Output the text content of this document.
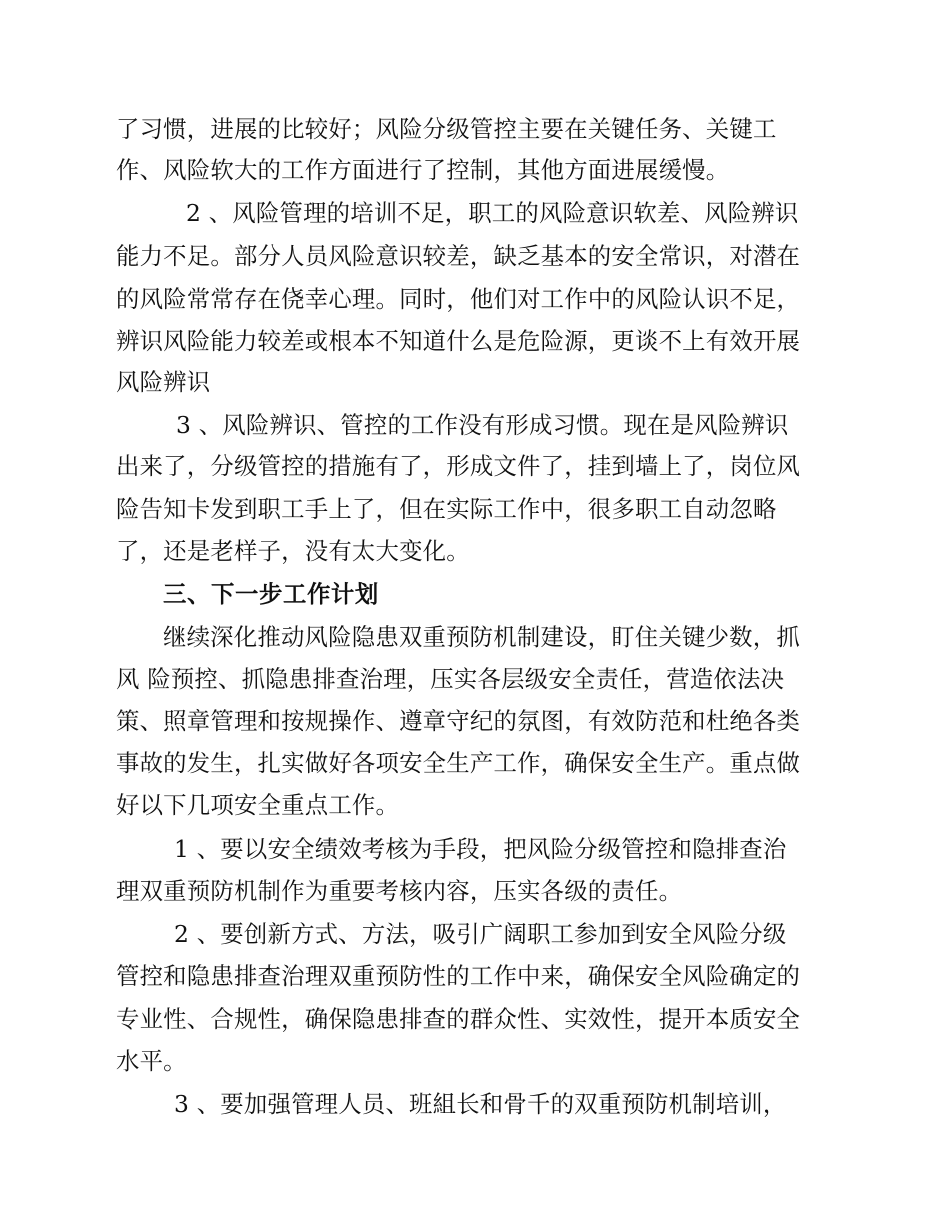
了习惯，进展的比较好；风险分级管控主要在关键任务、关键工
作、风险软大的工作方面进行了控制，其他方面进展缓慢。
2 、风险管理的培训不足，职工的风险意识软差、风险辨识
能力不足。部分人员风险意识较差，缺乏基本的安全常识，对潜在
的风险常常存在侥幸心理。同时，他们对工作中的风险认识不足，
辨识风险能力较差或根本不知道什么是危险源，更谈不上有效开展
风险辨识
3 、风险辨识、管控的工作没有形成习惯。现在是风险辨识
出来了，分级管控的措施有了，形成文件了，挂到墙上了，岗位风
险告知卡发到职工手上了，但在实际工作中，很多职工自动忽略
了，还是老样子，没有太大变化。
三、下一步工作计划
继续深化推动风险隐患双重预防机制建设，盯住关键少数，抓
风 险预控、抓隐患排查治理，压实各层级安全责任，营造依法决
策、照章管理和按规操作、遵章守纪的氛图，有效防范和杜绝各类
事故的发生，扎实做好各项安全生产工作，确保安全生产。重点做
好以下几项安全重点工作。
1 、要以安全绩效考核为手段，把风险分级管控和隐排查治
理双重预防机制作为重要考核内容，压实各级的责任。
2 、要创新方式、方法，吸引广阔职工参加到安全风险分级
管控和隐患排查治理双重预防性的工作中来，确保安全风险确定的
专业性、合规性，确保隐患排查的群众性、实效性，提开本质安全
水平。
3 、要加强管理人员、班組长和骨千的双重预防机制培训，
